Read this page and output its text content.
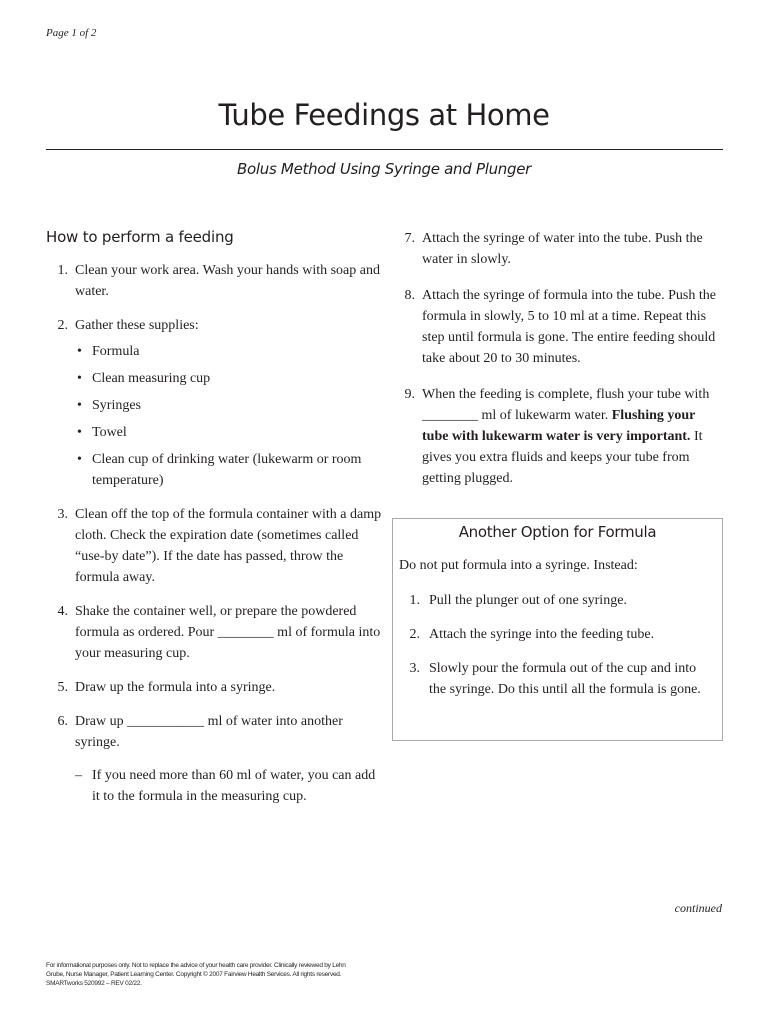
Page 1 of 2
Tube Feedings at Home
Bolus Method Using Syringe and Plunger
How to perform a feeding
1. Clean your work area. Wash your hands with soap and water.
2. Gather these supplies:
• Formula
• Clean measuring cup
• Syringes
• Towel
• Clean cup of drinking water (lukewarm or room temperature)
3. Clean off the top of the formula container with a damp cloth. Check the expiration date (sometimes called “use-by date”). If the date has passed, throw the formula away.
4. Shake the container well, or prepare the powdered formula as ordered. Pour ________ ml of formula into your measuring cup.
5. Draw up the formula into a syringe.
6. Draw up ___________ ml of water into another syringe.
– If you need more than 60 ml of water, you can add it to the formula in the measuring cup.
7. Attach the syringe of water into the tube. Push the water in slowly.
8. Attach the syringe of formula into the tube. Push the formula in slowly, 5 to 10 ml at a time. Repeat this step until formula is gone. The entire feeding should take about 20 to 30 minutes.
9. When the feeding is complete, flush your tube with ________ ml of lukewarm water. Flushing your tube with lukewarm water is very important. It gives you extra fluids and keeps your tube from getting plugged.
Another Option for Formula
Do not put formula into a syringe. Instead:
1. Pull the plunger out of one syringe.
2. Attach the syringe into the feeding tube.
3. Slowly pour the formula out of the cup and into the syringe. Do this until all the formula is gone.
continued
For informational purposes only. Not to replace the advice of your health care provider. Clinically reviewed by Lehn Grube, Nurse Manager, Patient Learning Center. Copyright © 2007 Fairview Health Services. All rights reserved. SMARTworks 520992 – REV 02/22.
